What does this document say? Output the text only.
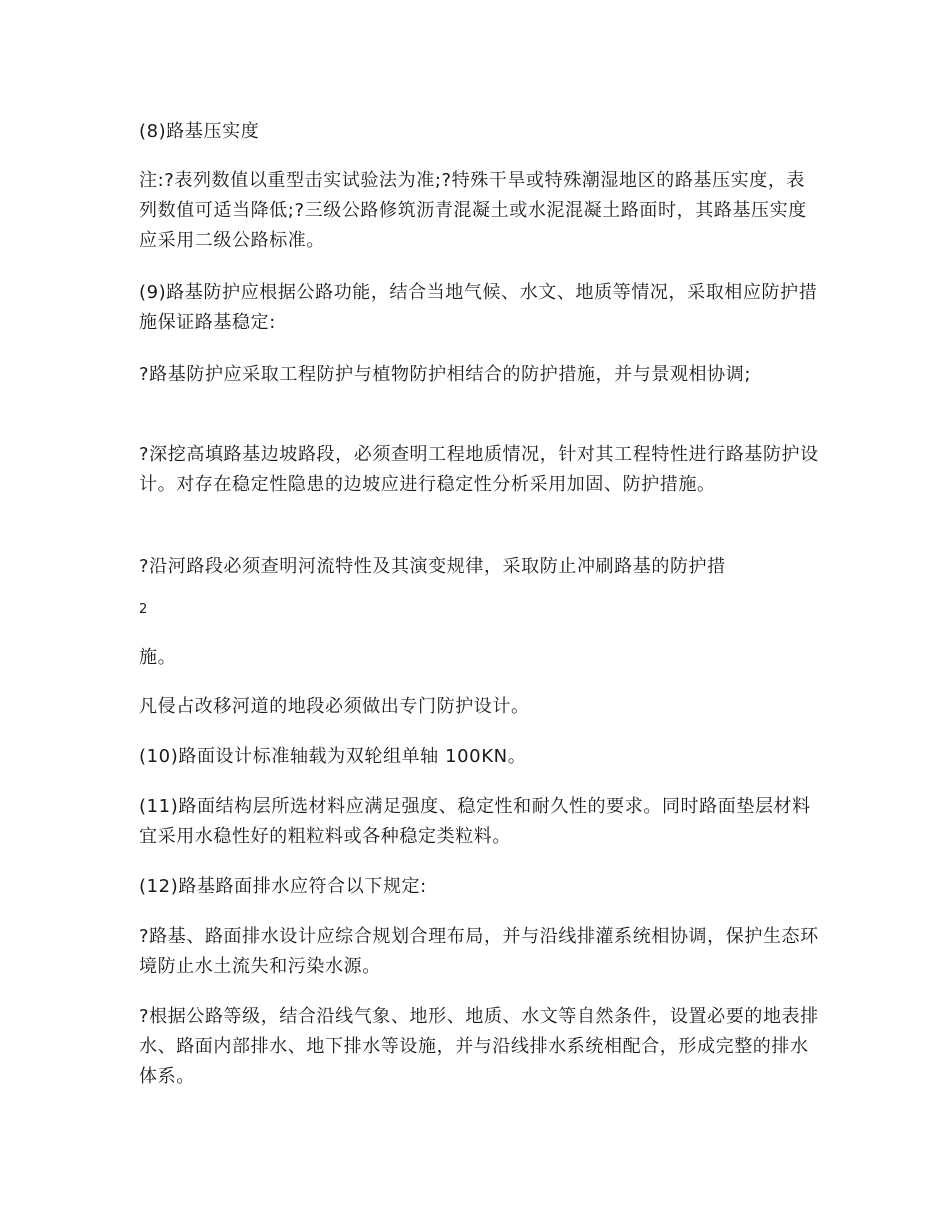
(8)路基压实度

注:?表列数值以重型击实试验法为准;?特殊干旱或特殊潮湿地区的路基压实度，表列数值可适当降低;?三级公路修筑沥青混凝土或水泥混凝土路面时，其路基压实度应采用二级公路标准。

(9)路基防护应根据公路功能，结合当地气候、水文、地质等情况，采取相应防护措施保证路基稳定:

?路基防护应采取工程防护与植物防护相结合的防护措施，并与景观相协调;

?深挖高填路基边坡路段，必须查明工程地质情况，针对其工程特性进行路基防护设计。对存在稳定性隐患的边坡应进行稳定性分析采用加固、防护措施。

?沿河路段必须查明河流特性及其演变规律，采取防止冲刷路基的防护措

2

施。

凡侵占改移河道的地段必须做出专门防护设计。

(10)路面设计标准轴载为双轮组单轴 100KN。

(11)路面结构层所选材料应满足强度、稳定性和耐久性的要求。同时路面垫层材料宜采用水稳性好的粗粒料或各种稳定类粒料。

(12)路基路面排水应符合以下规定:

?路基、路面排水设计应综合规划合理布局，并与沿线排灌系统相协调，保护生态环境防止水土流失和污染水源。

?根据公路等级，结合沿线气象、地形、地质、水文等自然条件，设置必要的地表排水、路面内部排水、地下排水等设施，并与沿线排水系统相配合，形成完整的排水体系。
